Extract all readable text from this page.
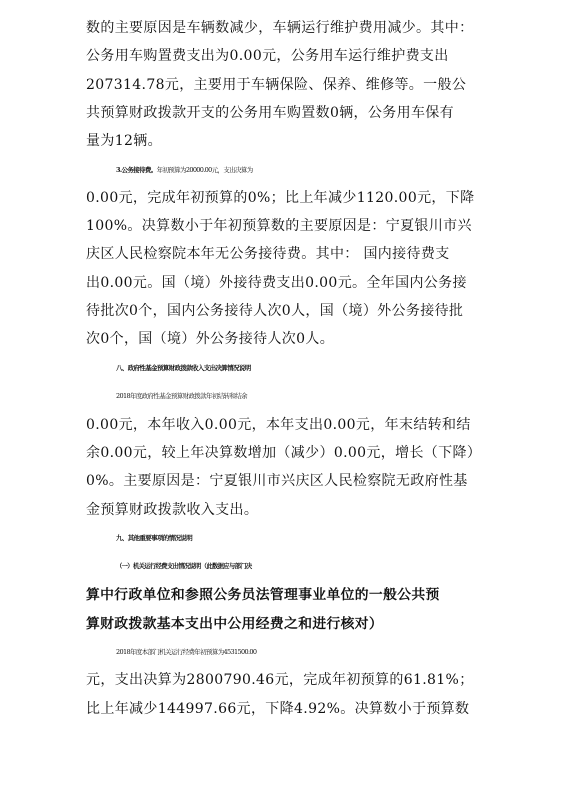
数的主要原因是车辆数减少，车辆运行维护费用减少。其中：

公务用车购置费支出为0.00元，公务用车运行维护费支出

207314.78元，主要用于车辆保险、保养、维修等。一般公

共预算财政拨款开支的公务用车购置数0辆，公务用车保有

量为12辆。

3.公务接待费。年初预算为20000.00元，支出决算为

0.00元，完成年初预算的0%；比上年减少1120.00元，下降

100%。决算数小于年初预算数的主要原因是：宁夏银川市兴

庆区人民检察院本年无公务接待费。其中： 国内接待费支

出0.00元。国（境）外接待费支出0.00元。全年国内公务接

待批次0个，国内公务接待人次0人，国（境）外公务接待批

次0个，国（境）外公务接待人次0人。

八、政府性基金预算财政拨款收入支出决算情况说明

2018年度政府性基金预算财政拨款年初结转和结余

0.00元，本年收入0.00元，本年支出0.00元，年末结转和结

余0.00元，较上年决算数增加（减少）0.00元，增长（下降）

0%。主要原因是：宁夏银川市兴庆区人民检察院无政府性基

金预算财政拨款收入支出。

九、其他重要事项的情况说明

（一）机关运行经费支出情况说明（此数据应与部门决

算中行政单位和参照公务员法管理事业单位的一般公共预

算财政拨款基本支出中公用经费之和进行核对）

2018年度本部门机关运行经费年初预算为4531500.00

元，支出决算为2800790.46元，完成年初预算的61.81%；

比上年减少144997.66元，下降4.92%。决算数小于预算数
